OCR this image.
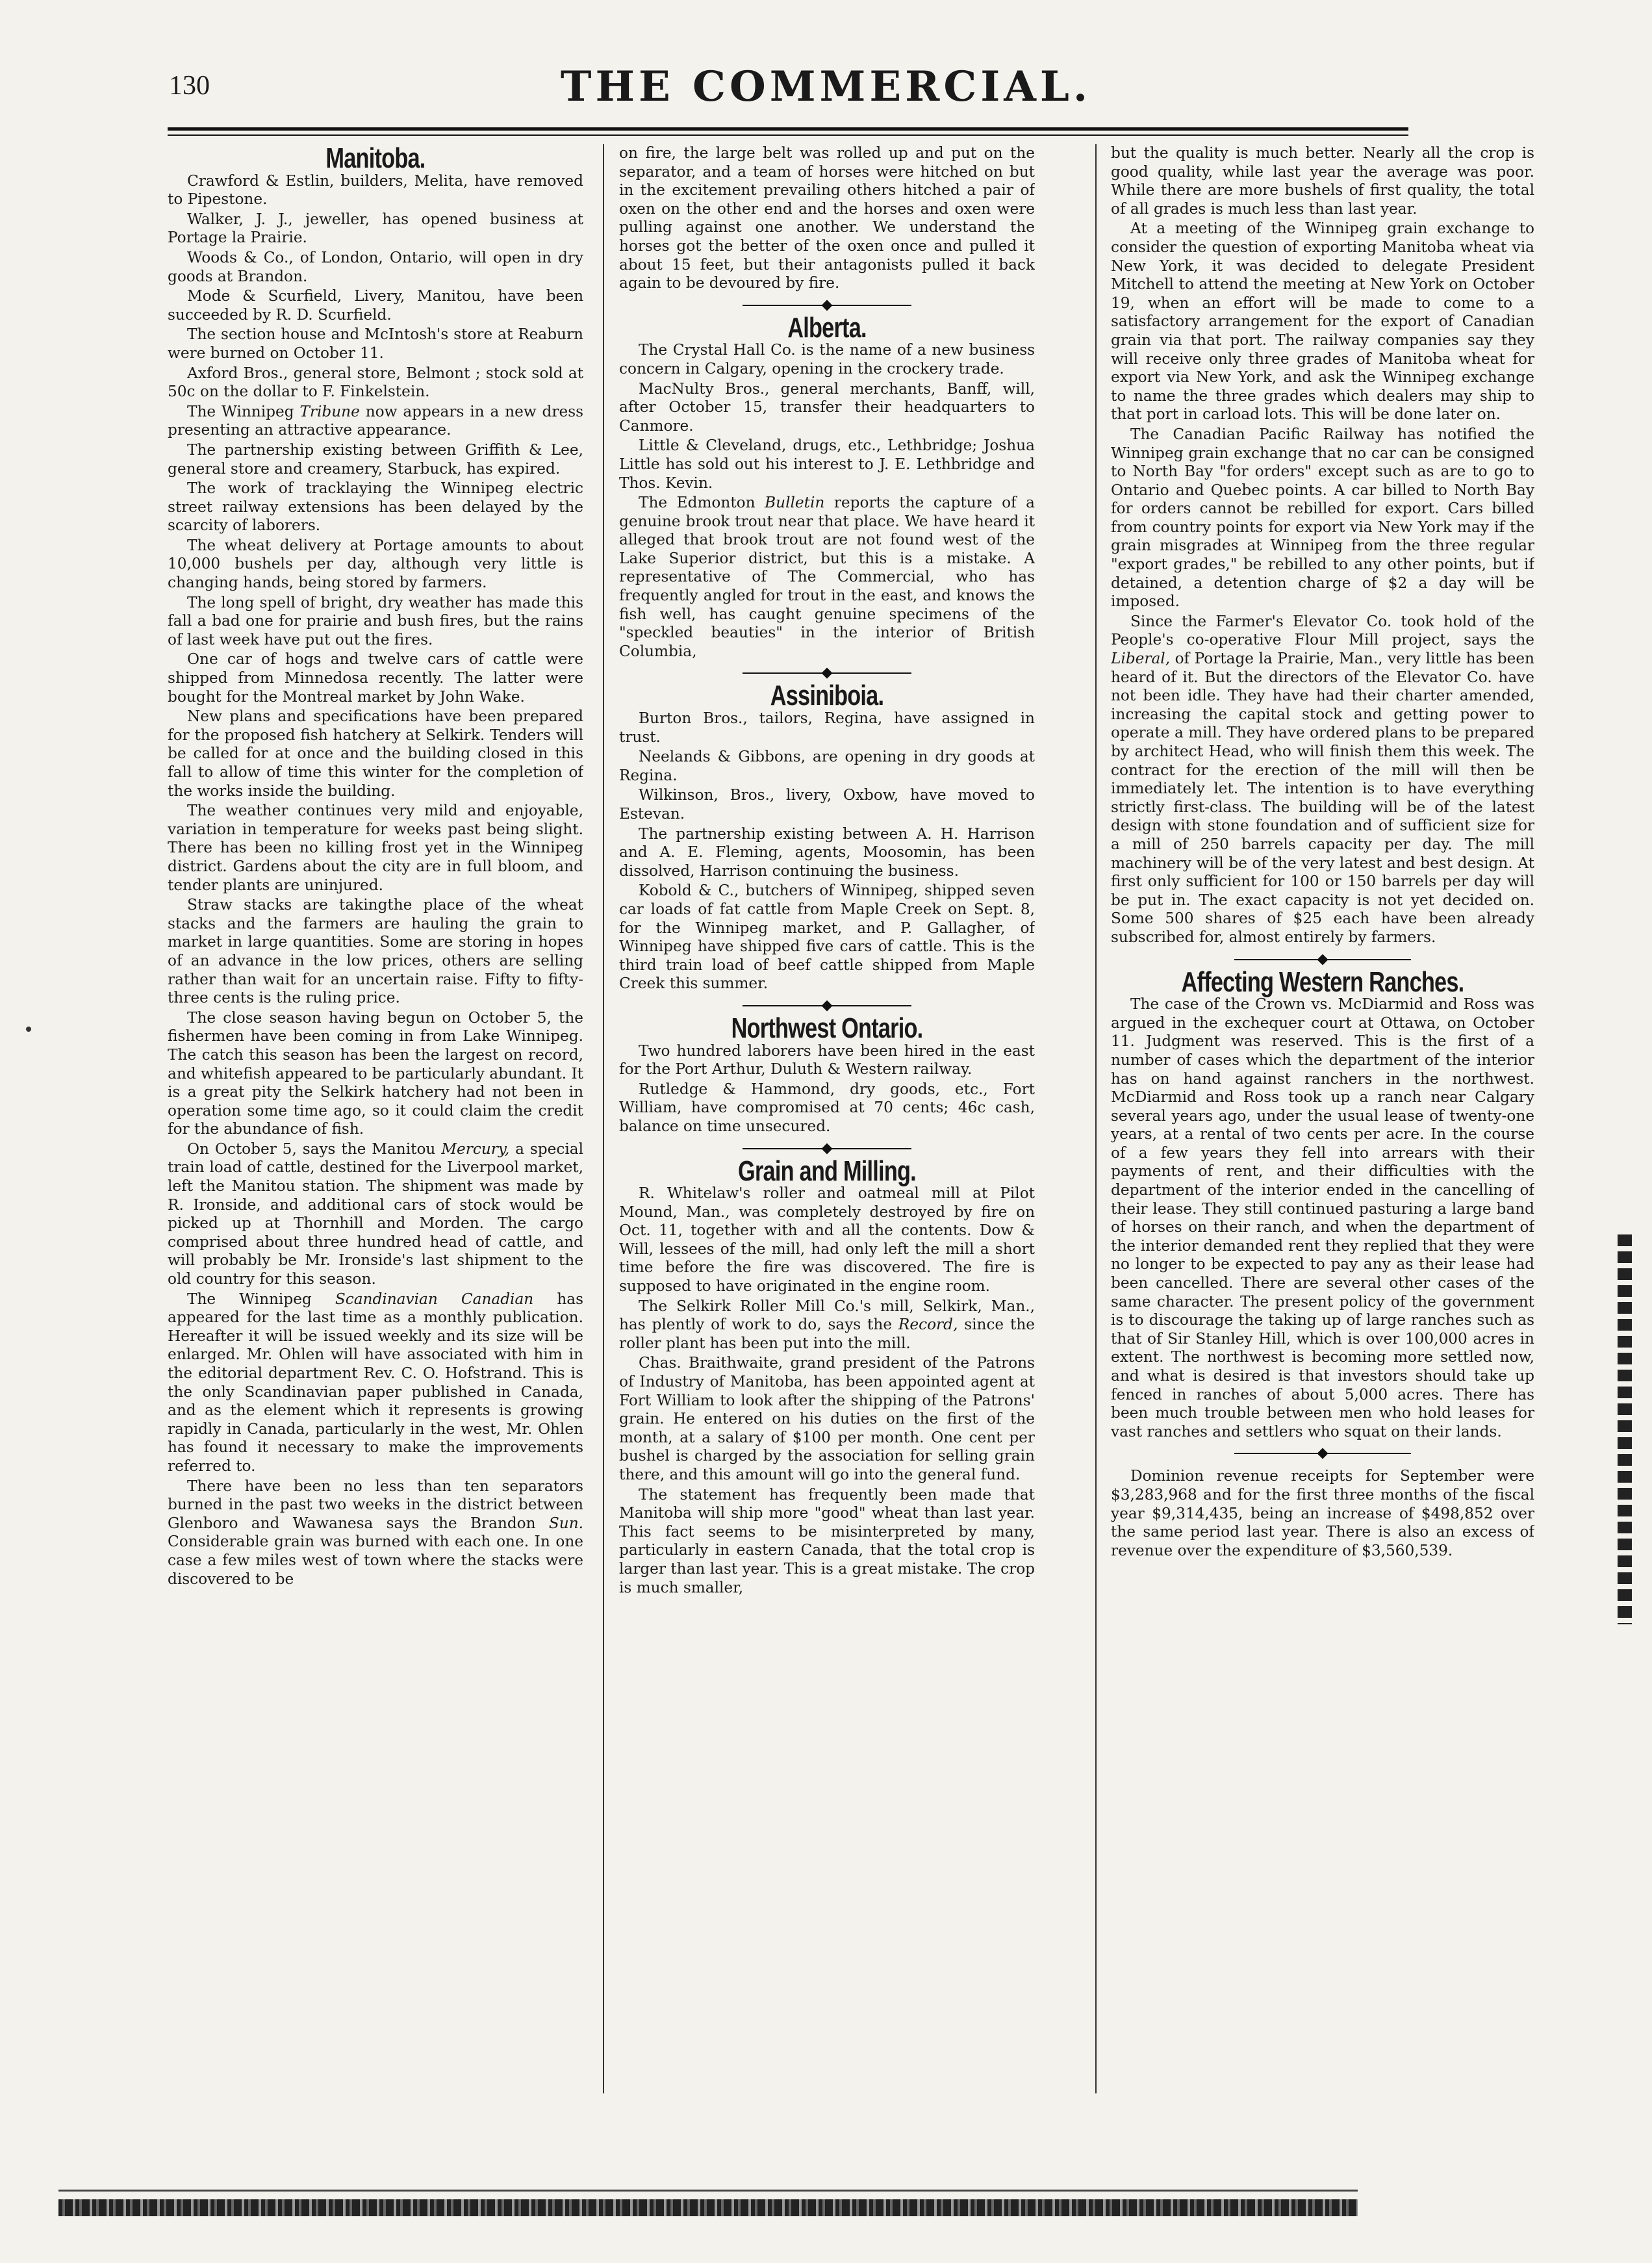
130	THE COMMERCIAL.
Manitoba.

Crawford & Estlin, builders, Melita, have removed to Pipestone.

Walker, J. J., jeweller, has opened business at Portage la Prairie.

Woods & Co., of London, Ontario, will open in dry goods at Brandon.

Mode & Scurfield, Livery, Manitou, have been succeeded by R. D. Scurfield.

The section house and McIntosh's store at Reaburn were burned on October 11.

Axford Bros., general store, Belmont ; stock sold at 50c on the dollar to F. Finkelstein.

The Winnipeg Tribune now appears in a new dress presenting an attractive appearance.

The partnership existing between Griffith & Lee, general store and creamery, Starbuck, has expired.

The work of tracklaying the Winnipeg electric street railway extensions has been delayed by the scarcity of laborers.

The wheat delivery at Portage amounts to about 10,000 bushels per day, although very little is changing hands, being stored by farmers.

The long spell of bright, dry weather has made this fall a bad one for prairie and bush fires, but the rains of last week have put out the fires.

One car of hogs and twelve cars of cattle were shipped from Minnedosa recently. The latter were bought for the Montreal market by John Wake.

New plans and specifications have been prepared for the proposed fish hatchery at Selkirk. Tenders will be called for at once and the building closed in this fall to allow of time this winter for the completion of the works inside the building.

The weather continues very mild and enjoyable, variation in temperature for weeks past being slight. There has been no killing frost yet in the Winnipeg district. Gardens about the city are in full bloom, and tender plants are uninjured.

Straw stacks are takingthe place of the wheat stacks and the farmers are hauling the grain to market in large quantities. Some are storing in hopes of an advance in the low prices, others are selling rather than wait for an uncertain raise. Fifty to fifty-three cents is the ruling price.

The close season having begun on October 5, the fishermen have been coming in from Lake Winnipeg. The catch this season has been the largest on record, and whitefish appeared to be particularly abundant. It is a great pity the Selkirk hatchery had not been in operation some time ago, so it could claim the credit for the abundance of fish.

On October 5, says the Manitou Mercury, a special train load of cattle, destined for the Liverpool market, left the Manitou station. The shipment was made by R. Ironside, and additional cars of stock would be picked up at Thornhill and Morden. The cargo comprised about three hundred head of cattle, and will probably be Mr. Ironside's last shipment to the old country for this season.

The Winnipeg Scandinavian Canadian has appeared for the last time as a monthly publication. Hereafter it will be issued weekly and its size will be enlarged. Mr. Ohlen will have associated with him in the editorial department Rev. C. O. Hofstrand. This is the only Scandinavian paper published in Canada, and as the element which it represents is growing rapidly in Canada, particularly in the west, Mr. Ohlen has found it necessary to make the improvements referred to.

There have been no less than ten separators burned in the past two weeks in the district between Glenboro and Wawanesa says the Brandon Sun. Considerable grain was burned with each one. In one case a few miles west of town where the stacks were discovered to be

on fire, the large belt was rolled up and put on the separator, and a team of horses were hitched on but in the excitement prevailing others hitched a pair of oxen on the other end and the horses and oxen were pulling against one another. We understand the horses got the better of the oxen once and pulled it about 15 feet, but their antagonists pulled it back again to be devoured by fire.

Alberta.

The Crystal Hall Co. is the name of a new business concern in Calgary, opening in the crockery trade.

MacNulty Bros., general merchants, Banff, will, after October 15, transfer their headquarters to Canmore.

Little & Cleveland, drugs, etc., Lethbridge; Joshua Little has sold out his interest to J. E. Lethbridge and Thos. Kevin.

The Edmonton Bulletin reports the capture of a genuine brook trout near that place. We have heard it alleged that brook trout are not found west of the Lake Superior district, but this is a mistake. A representative of The Commercial, who has frequently angled for trout in the east, and knows the fish well, has caught genuine specimens of the "speckled beauties" in the interior of British Columbia,

Assiniboia.

Burton Bros., tailors, Regina, have assigned in trust.

Neelands & Gibbons, are opening in dry goods at Regina.

Wilkinson, Bros., livery, Oxbow, have moved to Estevan.

The partnership existing between A. H. Harrison and A. E. Fleming, agents, Moosomin, has been dissolved, Harrison continuing the business.

Kobold & C., butchers of Winnipeg, shipped seven car loads of fat cattle from Maple Creek on Sept. 8, for the Winnipeg market, and P. Gallagher, of Winnipeg have shipped five cars of cattle. This is the third train load of beef cattle shipped from Maple Creek this summer.

Northwest Ontario.

Two hundred laborers have been hired in the east for the Port Arthur, Duluth & Western railway.

Rutledge & Hammond, dry goods, etc., Fort William, have compromised at 70 cents; 46c cash, balance on time unsecured.

Grain and Milling.

R. Whitelaw's roller and oatmeal mill at Pilot Mound, Man., was completely destroyed by fire on Oct. 11, together with and all the contents. Dow & Will, lessees of the mill, had only left the mill a short time before the fire was discovered. The fire is supposed to have originated in the engine room.

The Selkirk Roller Mill Co.'s mill, Selkirk, Man., has plently of work to do, says the Record, since the roller plant has been put into the mill.

Chas. Braithwaite, grand president of the Patrons of Industry of Manitoba, has been appointed agent at Fort William to look after the shipping of the Patrons' grain. He entered on his duties on the first of the month, at a salary of $100 per month. One cent per bushel is charged by the association for selling grain there, and this amount will go into the general fund.

The statement has frequently been made that Manitoba will ship more "good" wheat than last year. This fact seems to be misinterpreted by many, particularly in eastern Canada, that the total crop is larger than last year. This is a great mistake. The crop is much smaller,

but the quality is much better. Nearly all the crop is good quality, while last year the average was poor. While there are more bushels of first quality, the total of all grades is much less than last year.

At a meeting of the Winnipeg grain exchange to consider the question of exporting Manitoba wheat via New York, it was decided to delegate President Mitchell to attend the meeting at New York on October 19, when an effort will be made to come to a satisfactory arrangement for the export of Canadian grain via that port. The railway companies say they will receive only three grades of Manitoba wheat for export via New York, and ask the Winnipeg exchange to name the three grades which dealers may ship to that port in carload lots. This will be done later on.

The Canadian Pacific Railway has notified the Winnipeg grain exchange that no car can be consigned to North Bay "for orders" except such as are to go to Ontario and Quebec points. A car billed to North Bay for orders cannot be rebilled for export. Cars billed from country points for export via New York may if the grain misgrades at Winnipeg from the three regular "export grades," be rebilled to any other points, but if detained, a detention charge of $2 a day will be imposed.

Since the Farmer's Elevator Co. took hold of the People's co-operative Flour Mill project, says the Liberal, of Portage la Prairie, Man., very little has been heard of it. But the directors of the Elevator Co. have not been idle. They have had their charter amended, increasing the capital stock and getting power to operate a mill. They have ordered plans to be prepared by architect Head, who will finish them this week. The contract for the erection of the mill will then be immediately let. The intention is to have everything strictly first-class. The building will be of the latest design with stone foundation and of sufficient size for a mill of 250 barrels capacity per day. The mill machinery will be of the very latest and best design. At first only sufficient for 100 or 150 barrels per day will be put in. The exact capacity is not yet decided on. Some 500 shares of $25 each have been already subscribed for, almost entirely by farmers.

Affecting Western Ranches.

The case of the Crown vs. McDiarmid and Ross was argued in the exchequer court at Ottawa, on October 11. Judgment was reserved. This is the first of a number of cases which the department of the interior has on hand against ranchers in the northwest. McDiarmid and Ross took up a ranch near Calgary several years ago, under the usual lease of twenty-one years, at a rental of two cents per acre. In the course of a few years they fell into arrears with their payments of rent, and their difficulties with the department of the interior ended in the cancelling of their lease. They still continued pasturing a large band of horses on their ranch, and when the department of the interior demanded rent they replied that they were no longer to be expected to pay any as their lease had been cancelled. There are several other cases of the same character. The present policy of the government is to discourage the taking up of large ranches such as that of Sir Stanley Hill, which is over 100,000 acres in extent. The northwest is becoming more settled now, and what is desired is that investors should take up fenced in ranches of about 5,000 acres. There has been much trouble between men who hold leases for vast ranches and settlers who squat on their lands.

Dominion revenue receipts for September were $3,283,968 and for the first three months of the fiscal year $9,314,435, being an increase of $498,852 over the same period last year. There is also an excess of revenue over the expenditure of $3,560,539.
